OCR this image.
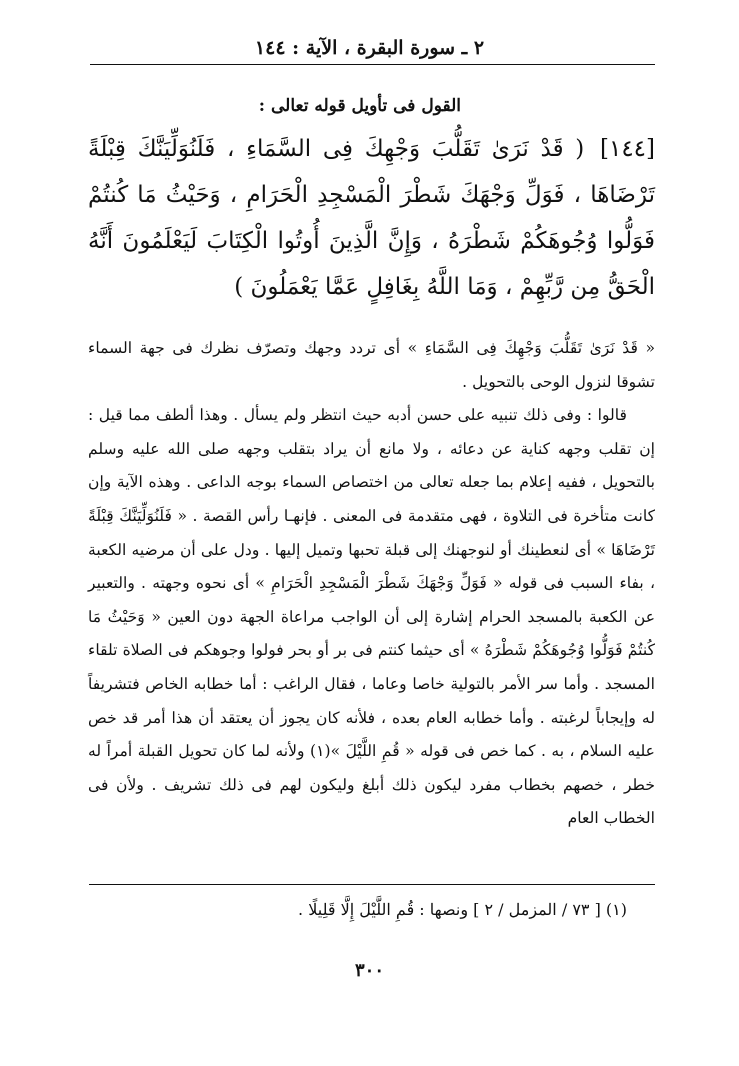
٢ ـ سورة البقرة ، الآية : ١٤٤
القول فى تأويل قوله تعالى :
[١٤٤] ( قَدْ نَرَىٰ تَقَلُّبَ وَجْهِكَ فِى السَّمَاءِ ، فَلَنُوَلِّيَنَّكَ قِبْلَةً تَرْضَاهَا ، فَوَلِّ وَجْهَكَ شَطْرَ الْمَسْجِدِ الْحَرَامِ ، وَحَيْثُ مَا كُنتُمْ فَوَلُّوا وُجُوهَكُمْ شَطْرَهُ ، وَإِنَّ الَّذِينَ أُوتُوا الْكِتَابَ لَيَعْلَمُونَ أَنَّهُ الْحَقُّ مِن رَّبِّهِمْ ، وَمَا اللَّهُ بِغَافِلٍ عَمَّا يَعْمَلُونَ )

« قَدْ نَرَىٰ تَقَلُّبَ وَجْهِكَ فِى السَّمَاءِ » أى تردد وجهك وتصرّف نظرك فى جهة السماء تشوقا لنزول الوحى بالتحويل .

قالوا : وفى ذلك تنبيه على حسن أدبه حيث انتظر ولم يسأل . وهذا ألطف مما قيل : إن تقلب وجهه كناية عن دعائه ، ولا مانع أن يراد بتقلب وجهه صلى الله عليه وسلم بالتحويل ، ففيه إعلام بما جعله تعالى من اختصاص السماء بوجه الداعى . وهذه الآية وإن كانت متأخرة فى التلاوة ، فهى متقدمة فى المعنى . فإنهـا رأس القصة . « فَلَنُوَلِّيَنَّكَ قِبْلَةً تَرْضَاهَا » أى لنعطينك أو لنوجهنك إلى قبلة تحبها وتميل إليها . ودل على أن مرضيه الكعبة ، بفاء السبب فى قوله « فَوَلِّ وَجْهَكَ شَطْرَ الْمَسْجِدِ الْحَرَامِ » أى نحوه وجهته . والتعبير عن الكعبة بالمسجد الحرام إشارة إلى أن الواجب مراعاة الجهة دون العين « وَحَيْثُ مَا كُنتُمْ فَوَلُّوا وُجُوهَكُمْ شَطْرَهُ » أى حيثما كنتم فى بر أو بحر فولوا وجوهكم فى الصلاة تلقاء المسجد . وأما سر الأمر بالتولية خاصا وعاما ، فقال الراغب : أما خطابه الخاص فتشريفاً له وإيجاباً لرغبته . وأما خطابه العام بعده ، فلأنه كان يجوز أن يعتقد أن هذا أمر قد خص عليه السلام ، به . كما خص فى قوله « قُمِ اللَّيْلَ »(١) ولأنه لما كان تحويل القبلة أمراً له خطر ، خصهم بخطاب مفرد ليكون ذلك أبلغ وليكون لهم فى ذلك تشريف . ولأن فى الخطاب العام

(١) [ ٧٣ / المزمل / ٢ ] ونصها : قُمِ اللَّيْلَ إِلَّا قَلِيلًا .
٣٠٠
